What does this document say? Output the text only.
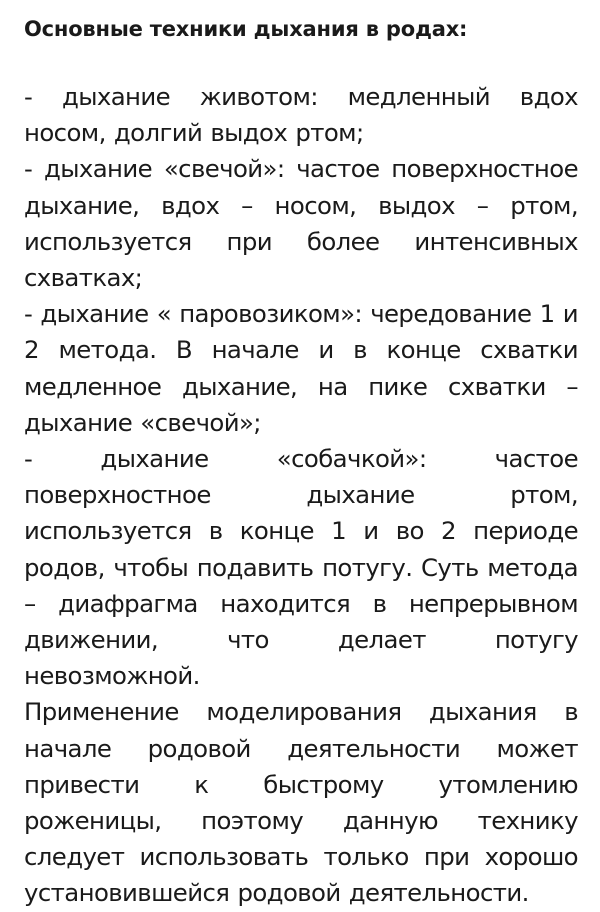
Основные техники дыхания в родах:

- дыхание животом: медленный вдох носом, долгий выдох ртом;

- дыхание «свечой»: частое поверхностное дыхание, вдох – носом, выдох – ртом, используется при более интенсивных схватках;

- дыхание « паровозиком»: чередование 1 и 2 метода. В начале и в конце схватки медленное дыхание, на пике схватки – дыхание «свечой»;

- дыхание «собачкой»: частое поверхностное дыхание ртом, используется в конце 1 и во 2 периоде родов, чтобы подавить потугу. Суть метода – диафрагма находится в непрерывном движении, что делает потугу невозможной.

Применение моделирования дыхания в начале родовой деятельности может привести к быстрому утомлению роженицы, поэтому данную технику следует использовать только при хорошо установившейся родовой деятельности.
